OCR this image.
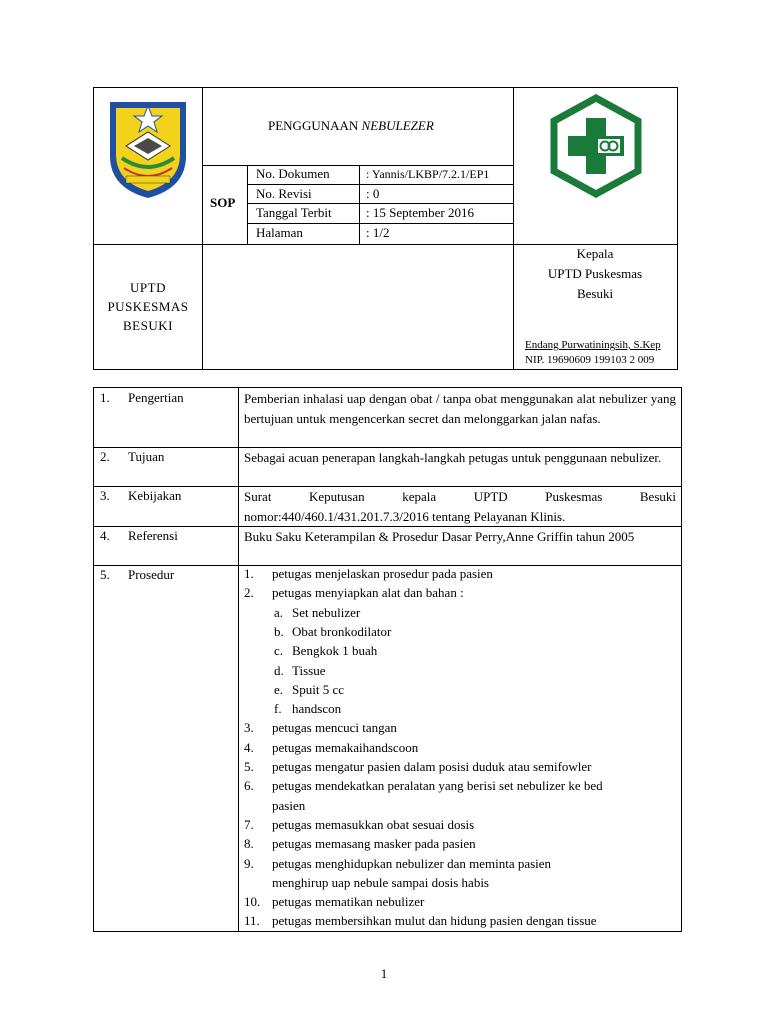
PENGGUNAAN NEBULEZER
SOP
No. Dokumen	: Yannis/LKBP/7.2.1/EP1
No. Revisi	: 0
Tanggal Terbit	: 15 September 2016
Halaman	: 1/2
UPTD
PUSKESMAS
BESUKI
Kepala
UPTD Puskesmas
Besuki
Endang Purwatiningsih, S.Kep
NIP. 19690609 199103 2 009
1. Pengertian	Pemberian inhalasi uap dengan obat / tanpa obat menggunakan alat nebulizer yang bertujuan untuk mengencerkan secret dan melonggarkan jalan nafas.
2. Tujuan	Sebagai acuan penerapan langkah-langkah petugas untuk penggunaan nebulizer.
3. Kebijakan	Surat Keputusan kepala UPTD Puskesmas Besuki nomor:440/460.1/431.201.7.3/2016 tentang Pelayanan Klinis.
4. Referensi	Buku Saku Keterampilan & Prosedur Dasar Perry,Anne Griffin tahun 2005
5. Prosedur	1. petugas menjelaskan prosedur pada pasien
2. petugas menyiapkan alat dan bahan :
a. Set nebulizer
b. Obat bronkodilator
c. Bengkok 1 buah
d. Tissue
e. Spuit 5 cc
f. handscon
3. petugas mencuci tangan
4. petugas memakaihandscoon
5. petugas mengatur pasien dalam posisi duduk atau semifowler
6. petugas mendekatkan peralatan yang berisi set nebulizer ke bed
pasien
7. petugas memasukkan obat sesuai dosis
8. petugas memasang masker pada pasien
9. petugas menghidupkan nebulizer dan meminta pasien
menghirup uap nebule sampai dosis habis
10. petugas mematikan nebulizer
11. petugas membersihkan mulut dan hidung pasien dengan tissue
1
